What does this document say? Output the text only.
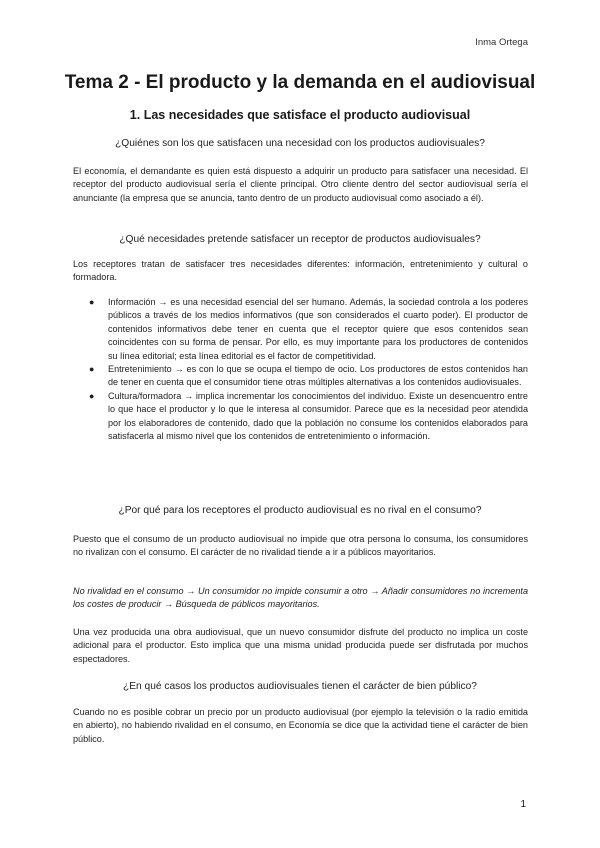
Inma Ortega
Tema 2 - El producto y la demanda en el audiovisual
1. Las necesidades que satisface el producto audiovisual
¿Quiénes son los que satisfacen una necesidad con los productos audiovisuales?
El economía, el demandante es quien está dispuesto a adquirir un producto para satisfacer una necesidad. El receptor del producto audiovisual sería el cliente principal. Otro cliente dentro del sector audiovisual sería el anunciante (la empresa que se anuncia, tanto dentro de un producto audiovisual como asociado a él).
¿Qué necesidades pretende satisfacer un receptor de productos audiovisuales?
Los receptores tratan de satisfacer tres necesidades diferentes: información, entretenimiento y cultural o formadora.
● Información → es una necesidad esencial del ser humano. Además, la sociedad controla a los poderes públicos a través de los medios informativos (que son considerados el cuarto poder). El productor de contenidos informativos debe tener en cuenta que el receptor quiere que esos contenidos sean coincidentes con su forma de pensar. Por ello, es muy importante para los productores de contenidos su línea editorial; esta línea editorial es el factor de competitividad.
● Entretenimiento → es con lo que se ocupa el tiempo de ocio. Los productores de estos contenidos han de tener en cuenta que el consumidor tiene otras múltiples alternativas a los contenidos audiovisuales.
● Cultura/formadora → implica incrementar los conocimientos del individuo. Existe un desencuentro entre lo que hace el productor y lo que le interesa al consumidor. Parece que es la necesidad peor atendida por los elaboradores de contenido, dado que la población no consume los contenidos elaborados para satisfacerla al mismo nivel que los contenidos de entretenimiento o información.
¿Por qué para los receptores el producto audiovisual es no rival en el consumo?
Puesto que el consumo de un producto audiovisual no impide que otra persona lo consuma, los consumidores no rivalizan con el consumo. El carácter de no rivalidad tiende a ir a públicos mayoritarios.
No rivalidad en el consumo → Un consumidor no impide consumir a otro → Añadir consumidores no incrementa los costes de producir → Búsqueda de públicos mayoritarios.
Una vez producida una obra audiovisual, que un nuevo consumidor disfrute del producto no implica un coste adicional para el productor. Esto implica que una misma unidad producida puede ser disfrutada por muchos espectadores.
¿En qué casos los productos audiovisuales tienen el carácter de bien público?
Cuando no es posible cobrar un precio por un producto audiovisual (por ejemplo la televisión o la radio emitida en abierto), no habiendo rivalidad en el consumo, en Economía se dice que la actividad tiene el carácter de bien público.
1
